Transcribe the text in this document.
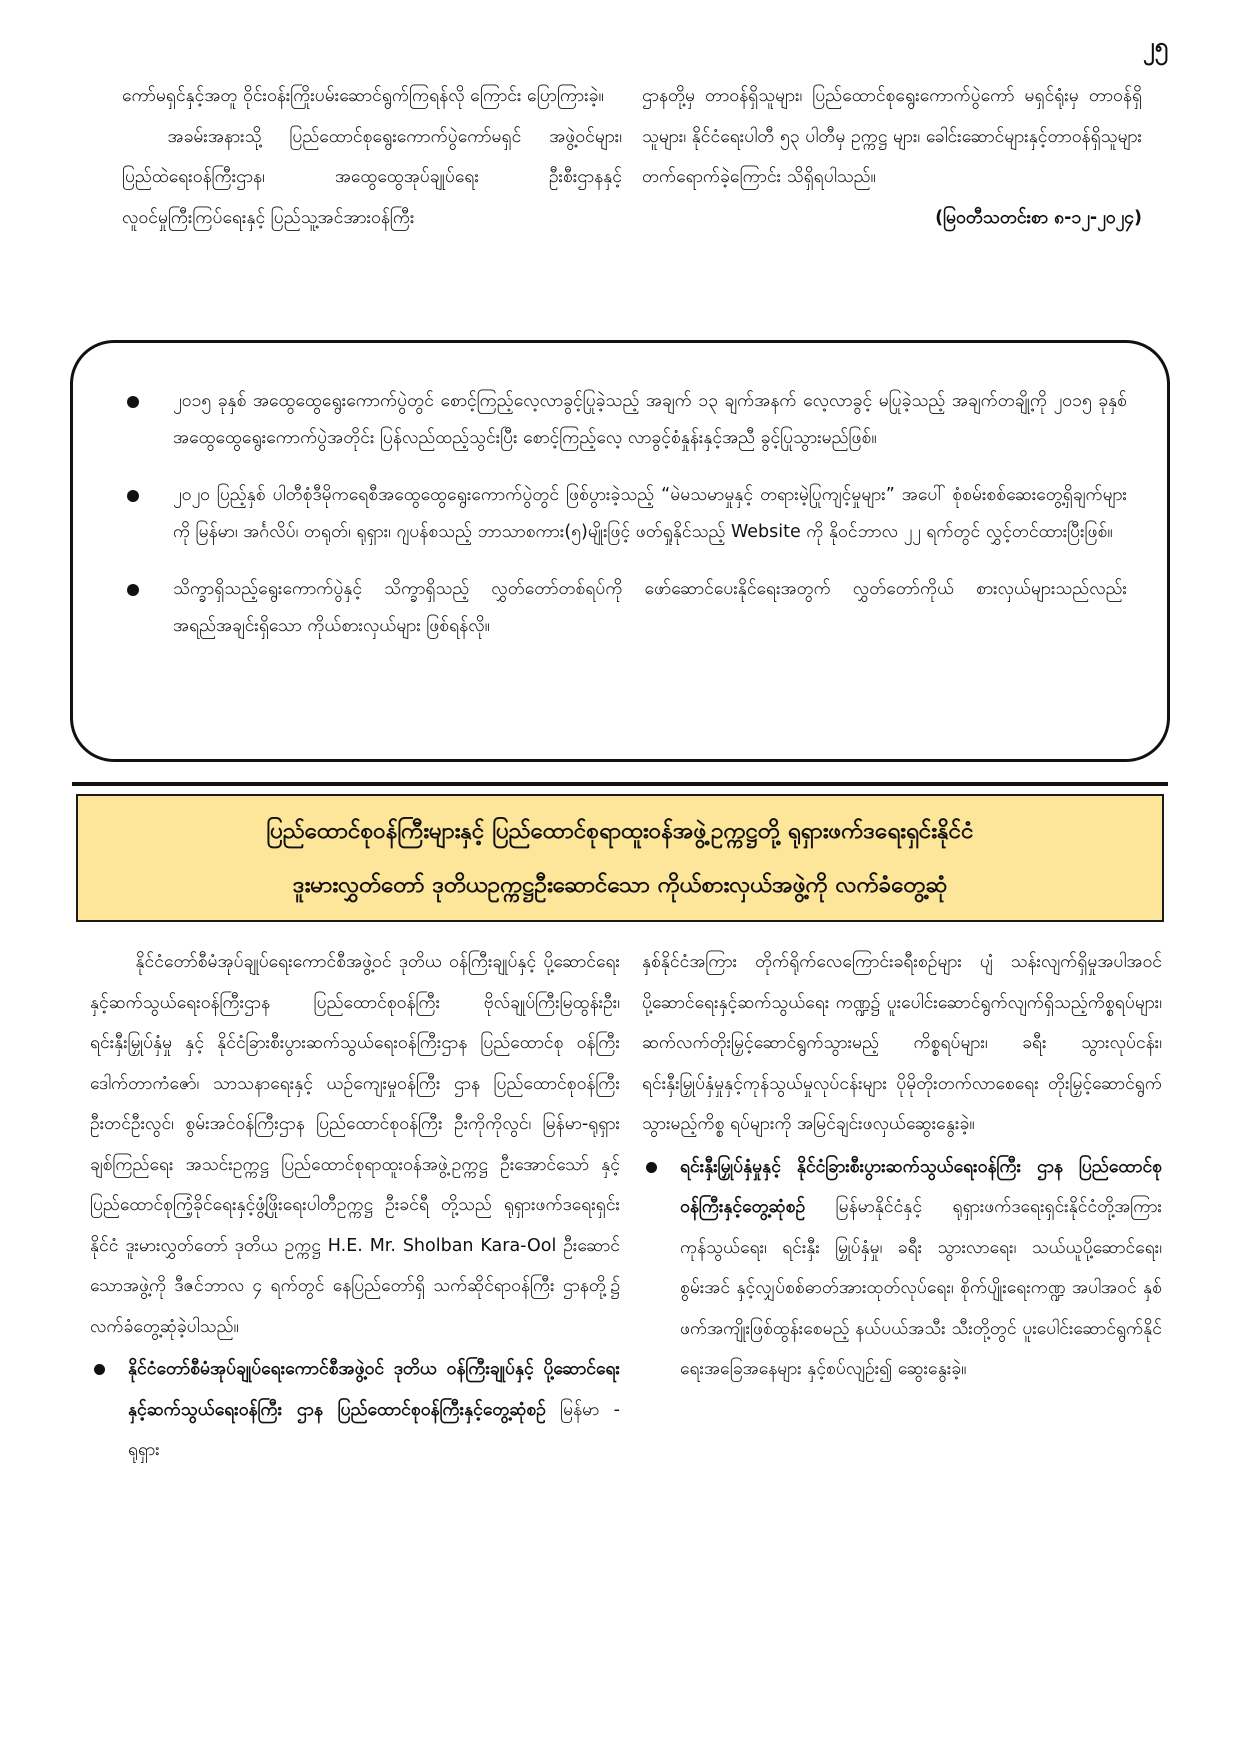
၂၅

ကော်မရှင်နှင့်အတူ ဝိုင်းဝန်းကြိုးပမ်းဆောင်ရွက်ကြရန်လို ကြောင်း ပြောကြားခဲ့။

အခမ်းအနားသို့ ပြည်ထောင်စုရွေးကောက်ပွဲကော်မရှင် အဖွဲ့ဝင်များ၊ ပြည်ထဲရေးဝန်ကြီးဌာန၊ အထွေထွေအုပ်ချုပ်ရေး ဦးစီးဌာနနှင့် လူဝင်မှုကြီးကြပ်ရေးနှင့် ပြည်သူ့အင်အားဝန်ကြီး

ဌာနတို့မှ တာဝန်ရှိသူများ၊ ပြည်ထောင်စုရွေးကောက်ပွဲကော် မရှင်ရုံးမှ တာဝန်ရှိသူများ၊ နိုင်ငံရေးပါတီ ၅၃ ပါတီမှ ဥက္ကဋ္ဌ များ၊ ခေါင်းဆောင်များနှင့်တာဝန်ရှိသူများ တက်ရောက်ခဲ့ကြောင်း သိရှိရပါသည်။

(မြဝတီသတင်းစာ ၈-၁၂-၂၀၂၄)

၂၀၁၅ ခုနှစ် အထွေထွေရွေးကောက်ပွဲတွင် စောင့်ကြည့်လေ့လာခွင့်ပြုခဲ့သည့် အချက် ၁၃ ချက်အနက် လေ့လာခွင့် မပြုခဲ့သည့် အချက်တချို့ကို ၂၀၁၅ ခုနှစ် အထွေထွေရွေးကောက်ပွဲအတိုင်း ပြန်လည်ထည့်သွင်းပြီး စောင့်ကြည့်လေ့ လာခွင့်စံနှုန်းနှင့်အညီ ခွင့်ပြုသွားမည်ဖြစ်။
၂၀၂၀ ပြည့်နှစ် ပါတီစုံဒီမိုကရေစီအထွေထွေရွေးကောက်ပွဲတွင် ဖြစ်ပွားခဲ့သည့် “မဲမသမာမှုနှင့် တရားမဲ့ပြုကျင့်မှုများ” အပေါ် စုံစမ်းစစ်ဆေးတွေ့ရှိချက်များကို မြန်မာ၊ အင်္ဂလိပ်၊ တရုတ်၊ ရုရှား၊ ဂျပန်စသည့် ဘာသာစကား(၅)မျိုးဖြင့် ဖတ်ရှုနိုင်သည့် Website ကို နိုဝင်ဘာလ ၂၂ ရက်တွင် လွှင့်တင်ထားပြီးဖြစ်။
သိက္ခာရှိသည့်ရွေးကောက်ပွဲနှင့် သိက္ခာရှိသည့် လွှတ်တော်တစ်ရပ်ကို ဖော်ဆောင်ပေးနိုင်ရေးအတွက် လွှတ်တော်ကိုယ် စားလှယ်များသည်လည်း အရည်အချင်းရှိသော ကိုယ်စားလှယ်များ ဖြစ်ရန်လို။
ပြည်ထောင်စုဝန်ကြီးများနှင့် ပြည်ထောင်စုရာထူးဝန်အဖွဲ့ဥက္ကဋ္ဌတို့ ရုရှားဖက်ဒရေးရှင်းနိုင်ငံ
ဒူးမားလွှတ်တော် ဒုတိယဥက္ကဋ္ဌဦးဆောင်သော ကိုယ်စားလှယ်အဖွဲ့ကို လက်ခံတွေ့ဆုံ

နိုင်ငံတော်စီမံအုပ်ချုပ်ရေးကောင်စီအဖွဲ့ဝင် ဒုတိယ ဝန်ကြီးချုပ်နှင့် ပို့ဆောင်ရေးနှင့်ဆက်သွယ်ရေးဝန်ကြီးဌာန ပြည်ထောင်စုဝန်ကြီး ဗိုလ်ချုပ်ကြီးမြထွန်းဦး၊ ရင်းနှီးမြှုပ်နှံမှု နှင့် နိုင်ငံခြားစီးပွားဆက်သွယ်ရေးဝန်ကြီးဌာန ပြည်ထောင်စု ဝန်ကြီး ဒေါက်တာကံဇော်၊ သာသနာရေးနှင့် ယဉ်ကျေးမှုဝန်ကြီး ဌာန ပြည်ထောင်စုဝန်ကြီး ဦးတင်ဦးလွင်၊ စွမ်းအင်ဝန်ကြီးဌာန ပြည်ထောင်စုဝန်ကြီး ဦးကိုကိုလွင်၊ မြန်မာ-ရုရှား ချစ်ကြည်ရေး အသင်းဥက္ကဋ္ဌ ပြည်ထောင်စုရာထူးဝန်အဖွဲ့ဥက္ကဋ္ဌ ဦးအောင်သော် နှင့် ပြည်ထောင်စုကြံ့ခိုင်ရေးနှင့်ဖွံ့ဖြိုးရေးပါတီဥက္ကဋ္ဌ ဦးခင်ရီ တို့သည် ရုရှားဖက်ဒရေးရှင်းနိုင်ငံ ဒူးမားလွှတ်တော် ဒုတိယ ဥက္ကဋ္ဌ H.E. Mr. Sholban Kara-Ool ဦးဆောင်သောအဖွဲ့ကို ဒီဇင်ဘာလ ၄ ရက်တွင် နေပြည်တော်ရှိ သက်ဆိုင်ရာဝန်ကြီး ဌာနတို့၌ လက်ခံတွေ့ဆုံခဲ့ပါသည်။

နိုင်ငံတော်စီမံအုပ်ချုပ်ရေးကောင်စီအဖွဲ့ဝင် ဒုတိယ ဝန်ကြီးချုပ်နှင့် ပို့ဆောင်ရေးနှင့်ဆက်သွယ်ရေးဝန်ကြီး ဌာန ပြည်ထောင်စုဝန်ကြီးနှင့်တွေ့ဆုံစဉ် မြန်မာ - ရုရှား

နှစ်နိုင်ငံအကြား တိုက်ရိုက်လေကြောင်းခရီးစဉ်များ ပျံ သန်းလျက်ရှိမှုအပါအဝင် ပို့ဆောင်ရေးနှင့်ဆက်သွယ်ရေး ကဏ္ဍ၌ ပူးပေါင်းဆောင်ရွက်လျက်ရှိသည့်ကိစ္စရပ်များ၊ ဆက်လက်တိုးမြှင့်ဆောင်ရွက်သွားမည့် ကိစ္စရပ်များ၊ ခရီး သွားလုပ်ငန်း၊ ရင်းနှီးမြှုပ်နှံမှုနှင့်ကုန်သွယ်မှုလုပ်ငန်းများ ပိုမိုတိုးတက်လာစေရေး တိုးမြှင့်ဆောင်ရွက်သွားမည့်ကိစ္စ ရပ်များကို အမြင်ချင်းဖလှယ်ဆွေးနွေးခဲ့။

ရင်းနှီးမြှုပ်နှံမှုနှင့် နိုင်ငံခြားစီးပွားဆက်သွယ်ရေးဝန်ကြီး ဌာန ပြည်ထောင်စုဝန်ကြီးနှင့်တွေ့ဆုံစဉ် မြန်မာနိုင်ငံနှင့် ရုရှားဖက်ဒရေးရှင်းနိုင်ငံတို့အကြား ကုန်သွယ်ရေး၊ ရင်းနှီး မြှုပ်နှံမှု၊ ခရီး သွားလာရေး၊ သယ်ယူပို့ဆောင်ရေး၊ စွမ်းအင် နှင့်လျှပ်စစ်ဓာတ်အားထုတ်လုပ်ရေး၊ စိုက်ပျိုးရေးကဏ္ဍ အပါအဝင် နှစ်ဖက်အကျိုးဖြစ်ထွန်းစေမည့် နယ်ပယ်အသီး သီးတို့တွင် ပူးပေါင်းဆောင်ရွက်နိုင်ရေးအခြေအနေများ နှင့်စပ်လျဉ်း၍ ဆွေးနွေးခဲ့။
